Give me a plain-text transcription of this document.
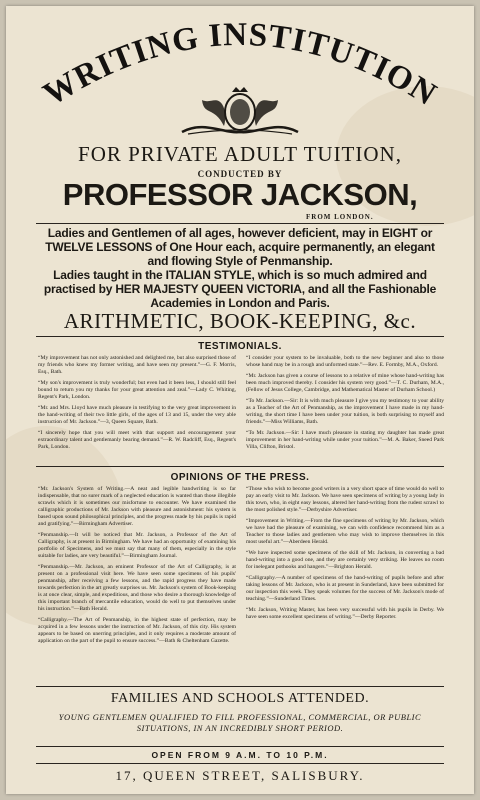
WRITING INSTITUTION
FOR PRIVATE ADULT TUITION,
CONDUCTED BY
PROFESSOR JACKSON,
FROM LONDON.
Ladies and Gentlemen of all ages, however deficient, may in EIGHT or TWELVE LESSONS of One Hour each, acquire permanently, an elegant and flowing Style of Penmanship.
Ladies taught in the ITALIAN STYLE, which is so much admired and practised by HER MAJESTY QUEEN VICTORIA, and all the Fashionable Academies in London and Paris.
ARITHMETIC, BOOK-KEEPING, &c.
TESTIMONIALS.

“My improvement has not only astonished and delighted me, but also surprised those of my friends who knew my former writing, and have seen my present.”—G. F. Morris, Esq., Bath.

“My son's improvement is truly wonderful; but even had it been less, I should still feel bound to return you my thanks for your great attention and zeal.”—Lady C. Whiting, Regent's Park, London.

“Mr. and Mrs. Lloyd have much pleasure in testifying to the very great improvement in the hand-writing of their two little girls, of the ages of 13 and 15, under the very able instruction of Mr. Jackson.”—3, Queen Square, Bath.

“I sincerely hope that you will meet with that support and encouragement your extraordinary talent and gentlemanly bearing demand.”—R. W. Radcliff, Esq., Regent's Park, London.

“I consider your system to be invaluable, both to the new beginner and also to those whose hand may be in a rough and unformed state.”—Rev. E. Formby, M.A., Oxford.

“Mr. Jackson has given a course of lessons to a relative of mine whose hand-writing has been much improved thereby. I consider his system very good.”—T. C. Durham, M.A., (Fellow of Jesus College, Cambridge, and Mathematical Master of Durham School.)

“To Mr. Jackson.—Sir: It is with much pleasure I give you my testimony to your ability as a Teacher of the Art of Penmanship, as the improvement I have made in my hand-writing, the short time I have been under your tuition, is both surprising to myself and friends.”—Miss Williams, Bath.

“To Mr. Jackson.—Sir: I have much pleasure in stating my daughter has made great improvement in her hand-writing while under your tuition.”—M. A. Baker, Sneed Park Villa, Clifton, Bristol.

OPINIONS OF THE PRESS.

“Mr. Jackson's System of Writing.—A neat and legible handwriting is so far indispensable, that no surer mark of a neglected education is wanted than those illegible scrawls which it is sometimes our misfortune to encounter. We have examined the calligraphic productions of Mr. Jackson with pleasure and astonishment: his system is based upon sound philosophical principles, and the progress made by his pupils is rapid and gratifying.”—Birmingham Advertiser.

“Penmanship.—It will be noticed that Mr. Jackson, a Professor of the Art of Calligraphy, is at present in Birmingham. We have had an opportunity of examining his portfolio of Specimens, and we must say that many of them, especially in the style suitable for ladies, are very beautiful.”—Birmingham Journal.

“Penmanship.—Mr. Jackson, an eminent Professor of the Art of Calligraphy, is at present on a professional visit here. We have seen some specimens of his pupils' penmanship, after receiving a few lessons, and the rapid progress they have made towards perfection in the art greatly surprises us. Mr. Jackson's system of Book-keeping is at once clear, simple, and expeditious, and those who desire a thorough knowledge of this important branch of mercantile education, would do well to put themselves under his instruction.”—Bath Herald.

“Calligraphy.—The Art of Penmanship, in the highest state of perfection, may be acquired in a few lessons under the instruction of Mr. Jackson, of this city. His system appears to be based on unerring principles, and it only requires a moderate amount of application on the part of the pupil to ensure success.”—Bath & Cheltenham Gazette.

“Those who wish to become good writers in a very short space of time would do well to pay an early visit to Mr. Jackson. We have seen specimens of writing by a young lady in this town, who, in eight easy lessons, altered her hand-writing from the rudest scrawl to the most polished style.”—Derbyshire Advertiser.

“Improvement in Writing.—From the fine specimens of writing by Mr. Jackson, which we have had the pleasure of examining, we can with confidence recommend him as a Teacher to those ladies and gentlemen who may wish to improve themselves in this most useful art.”—Aberdeen Herald.

“We have inspected some specimens of the skill of Mr. Jackson, in converting a bad hand-writing into a good one, and they are certainly very striking. He leaves no room for inelegant pothooks and hangers.”—Brighton Herald.

“Calligraphy.—A number of specimens of the hand-writing of pupils before and after taking lessons of Mr. Jackson, who is at present in Sunderland, have been submitted for our inspection this week. They speak volumes for the success of Mr. Jackson's mode of teaching.”—Sunderland Times.

“Mr. Jackson, Writing Master, has been very successful with his pupils in Derby. We have seen some excellent specimens of writing.”—Derby Reporter.

FAMILIES AND SCHOOLS ATTENDED.
YOUNG GENTLEMEN QUALIFIED TO FILL PROFESSIONAL, COMMERCIAL, OR PUBLIC SITUATIONS, IN AN INCREDIBLY SHORT PERIOD.
OPEN FROM 9 A.M. TO 10 P.M.
17, QUEEN STREET, SALISBURY.
